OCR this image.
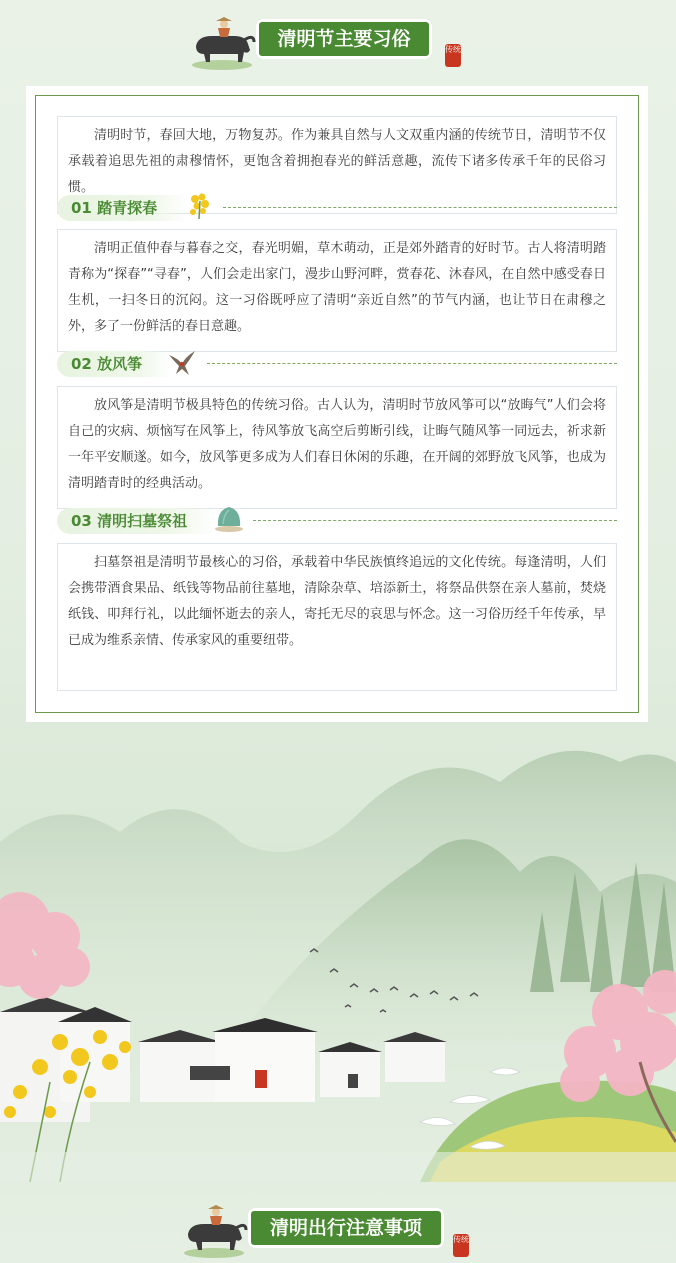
清明节主要习俗	传统

清明时节，春回大地，万物复苏。作为兼具自然与人文双重内涵的传统节日，清明节不仅承载着追思先祖的肃穆情怀，更饱含着拥抱春光的鲜活意趣，流传下诸多传承千年的民俗习惯。

01 踏青探春

清明正值仲春与暮春之交，春光明媚，草木萌动，正是郊外踏青的好时节。古人将清明踏青称为“探春”“寻春”，人们会走出家门，漫步山野河畔，赏春花、沐春风，在自然中感受春日生机，一扫冬日的沉闷。这一习俗既呼应了清明“亲近自然”的节气内涵，也让节日在肃穆之外，多了一份鲜活的春日意趣。

02 放风筝

放风筝是清明节极具特色的传统习俗。古人认为，清明时节放风筝可以“放晦气”人们会将自己的灾病、烦恼写在风筝上，待风筝放飞高空后剪断引线，让晦气随风筝一同远去，祈求新一年平安顺遂。如今，放风筝更多成为人们春日休闲的乐趣，在开阔的郊野放飞风筝，也成为清明踏青时的经典活动。

03 清明扫墓祭祖

扫墓祭祖是清明节最核心的习俗，承载着中华民族慎终追远的文化传统。每逢清明，人们会携带酒食果品、纸钱等物品前往墓地，清除杂草、培添新土，将祭品供祭在亲人墓前，焚烧纸钱、叩拜行礼，以此缅怀逝去的亲人，寄托无尽的哀思与怀念。这一习俗历经千年传承，早已成为维系亲情、传承家风的重要纽带。

清明出行注意事项
传统
